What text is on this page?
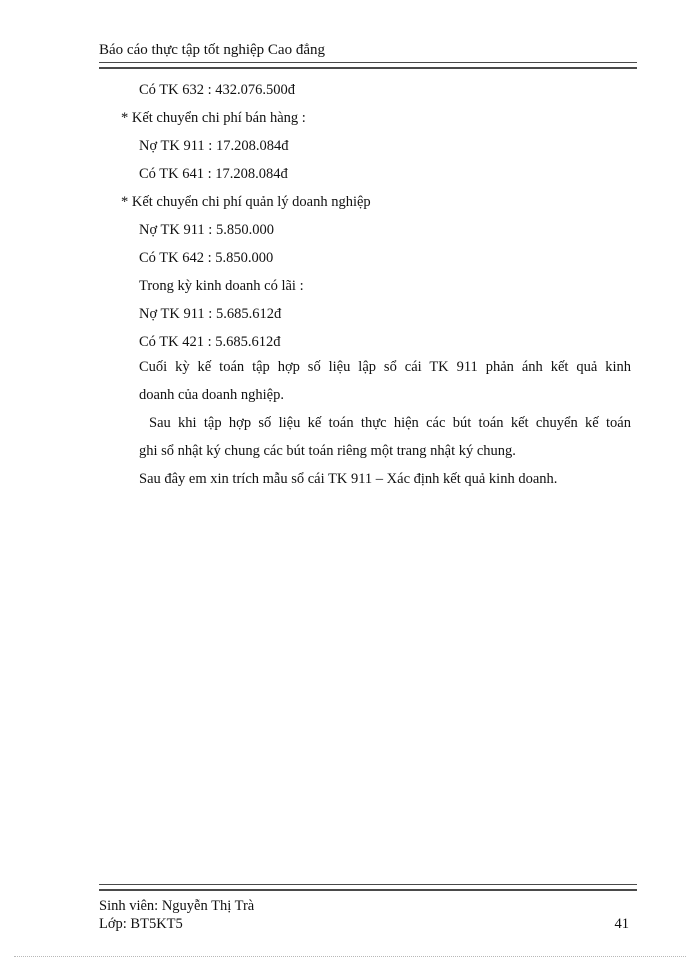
Báo cáo thực tập tốt nghiệp Cao đẳng
Có TK 632 : 432.076.500đ
* Kết chuyển chi phí bán hàng :
Nợ TK 911 : 17.208.084đ
Có TK 641 : 17.208.084đ
* Kết chuyển chi phí quản lý doanh nghiệp
Nợ TK 911 : 5.850.000
Có TK 642 : 5.850.000
Trong kỳ kinh doanh có lãi :
Nợ TK 911 : 5.685.612đ
Có TK 421 : 5.685.612đ
Cuối kỳ kế toán tập hợp số liệu lập sổ cái TK 911 phản ánh kết quả kinh
doanh của doanh nghiệp.
Sau khi tập hợp số liệu kế toán thực hiện các bút toán kết chuyển kế toán
ghi sổ nhật ký chung các bút toán riêng một trang nhật ký chung.
Sau đây em xin trích mẫu sổ cái TK 911 – Xác định kết quả kinh doanh.
Sinh viên: Nguyễn Thị Trà
Lớp: BT5KT5	41
